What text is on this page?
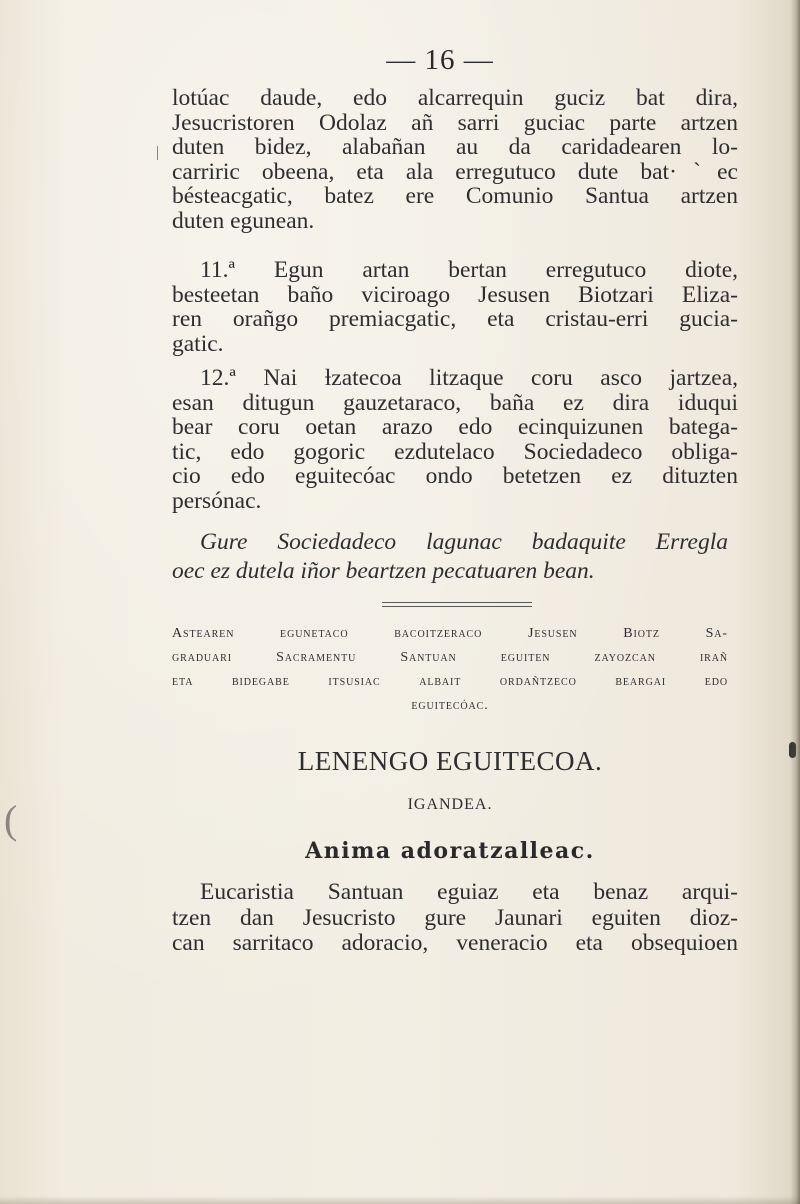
— 16 —
lotúac daude, edo alcarrequin guciz bat dira,
Jesucristoren Odolaz añ sarri guciac parte artzen
duten bidez, alabañan au da caridadearen lo-
carriric obeena, eta ala erregutuco dute bat·ˋec
bésteacgatic, batez ere Comunio Santua artzen
duten egunean.
11.ª Egun artan bertan erregutuco diote,
besteetan baño viciroago Jesusen Biotzari Eliza-
ren orañgo premiacgatic, eta cristau-erri gucia-
gatic.
12.ª Nai ƚzatecoa litzaque coru asco jartzea,
esan ditugun gauzetaraco, baña ez dira iduqui
bear coru oetan arazo edo ecinquizunen batega-
tic, edo gogoric ezdutelaco Sociedadeco obliga-
cio edo eguitecóac ondo betetzen ez dituzten
persónac.
Gure Sociedadeco lagunac badaquite Erregla
oec ez dutela iñor beartzen pecatuaren bean.
Astearen egunetaco bacoitzeraco Jesusen Biotz Sa-
graduari Sacramentu Santuan eguiten zayozcan irañ
eta bidegabe itsusiac albait ordañtzeco beargai edo
eguitecóac.
LENENGO EGUITECOA.
IGANDEA.
Anima adoratzalleac.
Eucaristia Santuan eguiaz eta benaz arqui-
tzen dan Jesucristo gure Jaunari eguiten dioz-
can sarritaco adoracio, veneracio eta obsequioen
(
